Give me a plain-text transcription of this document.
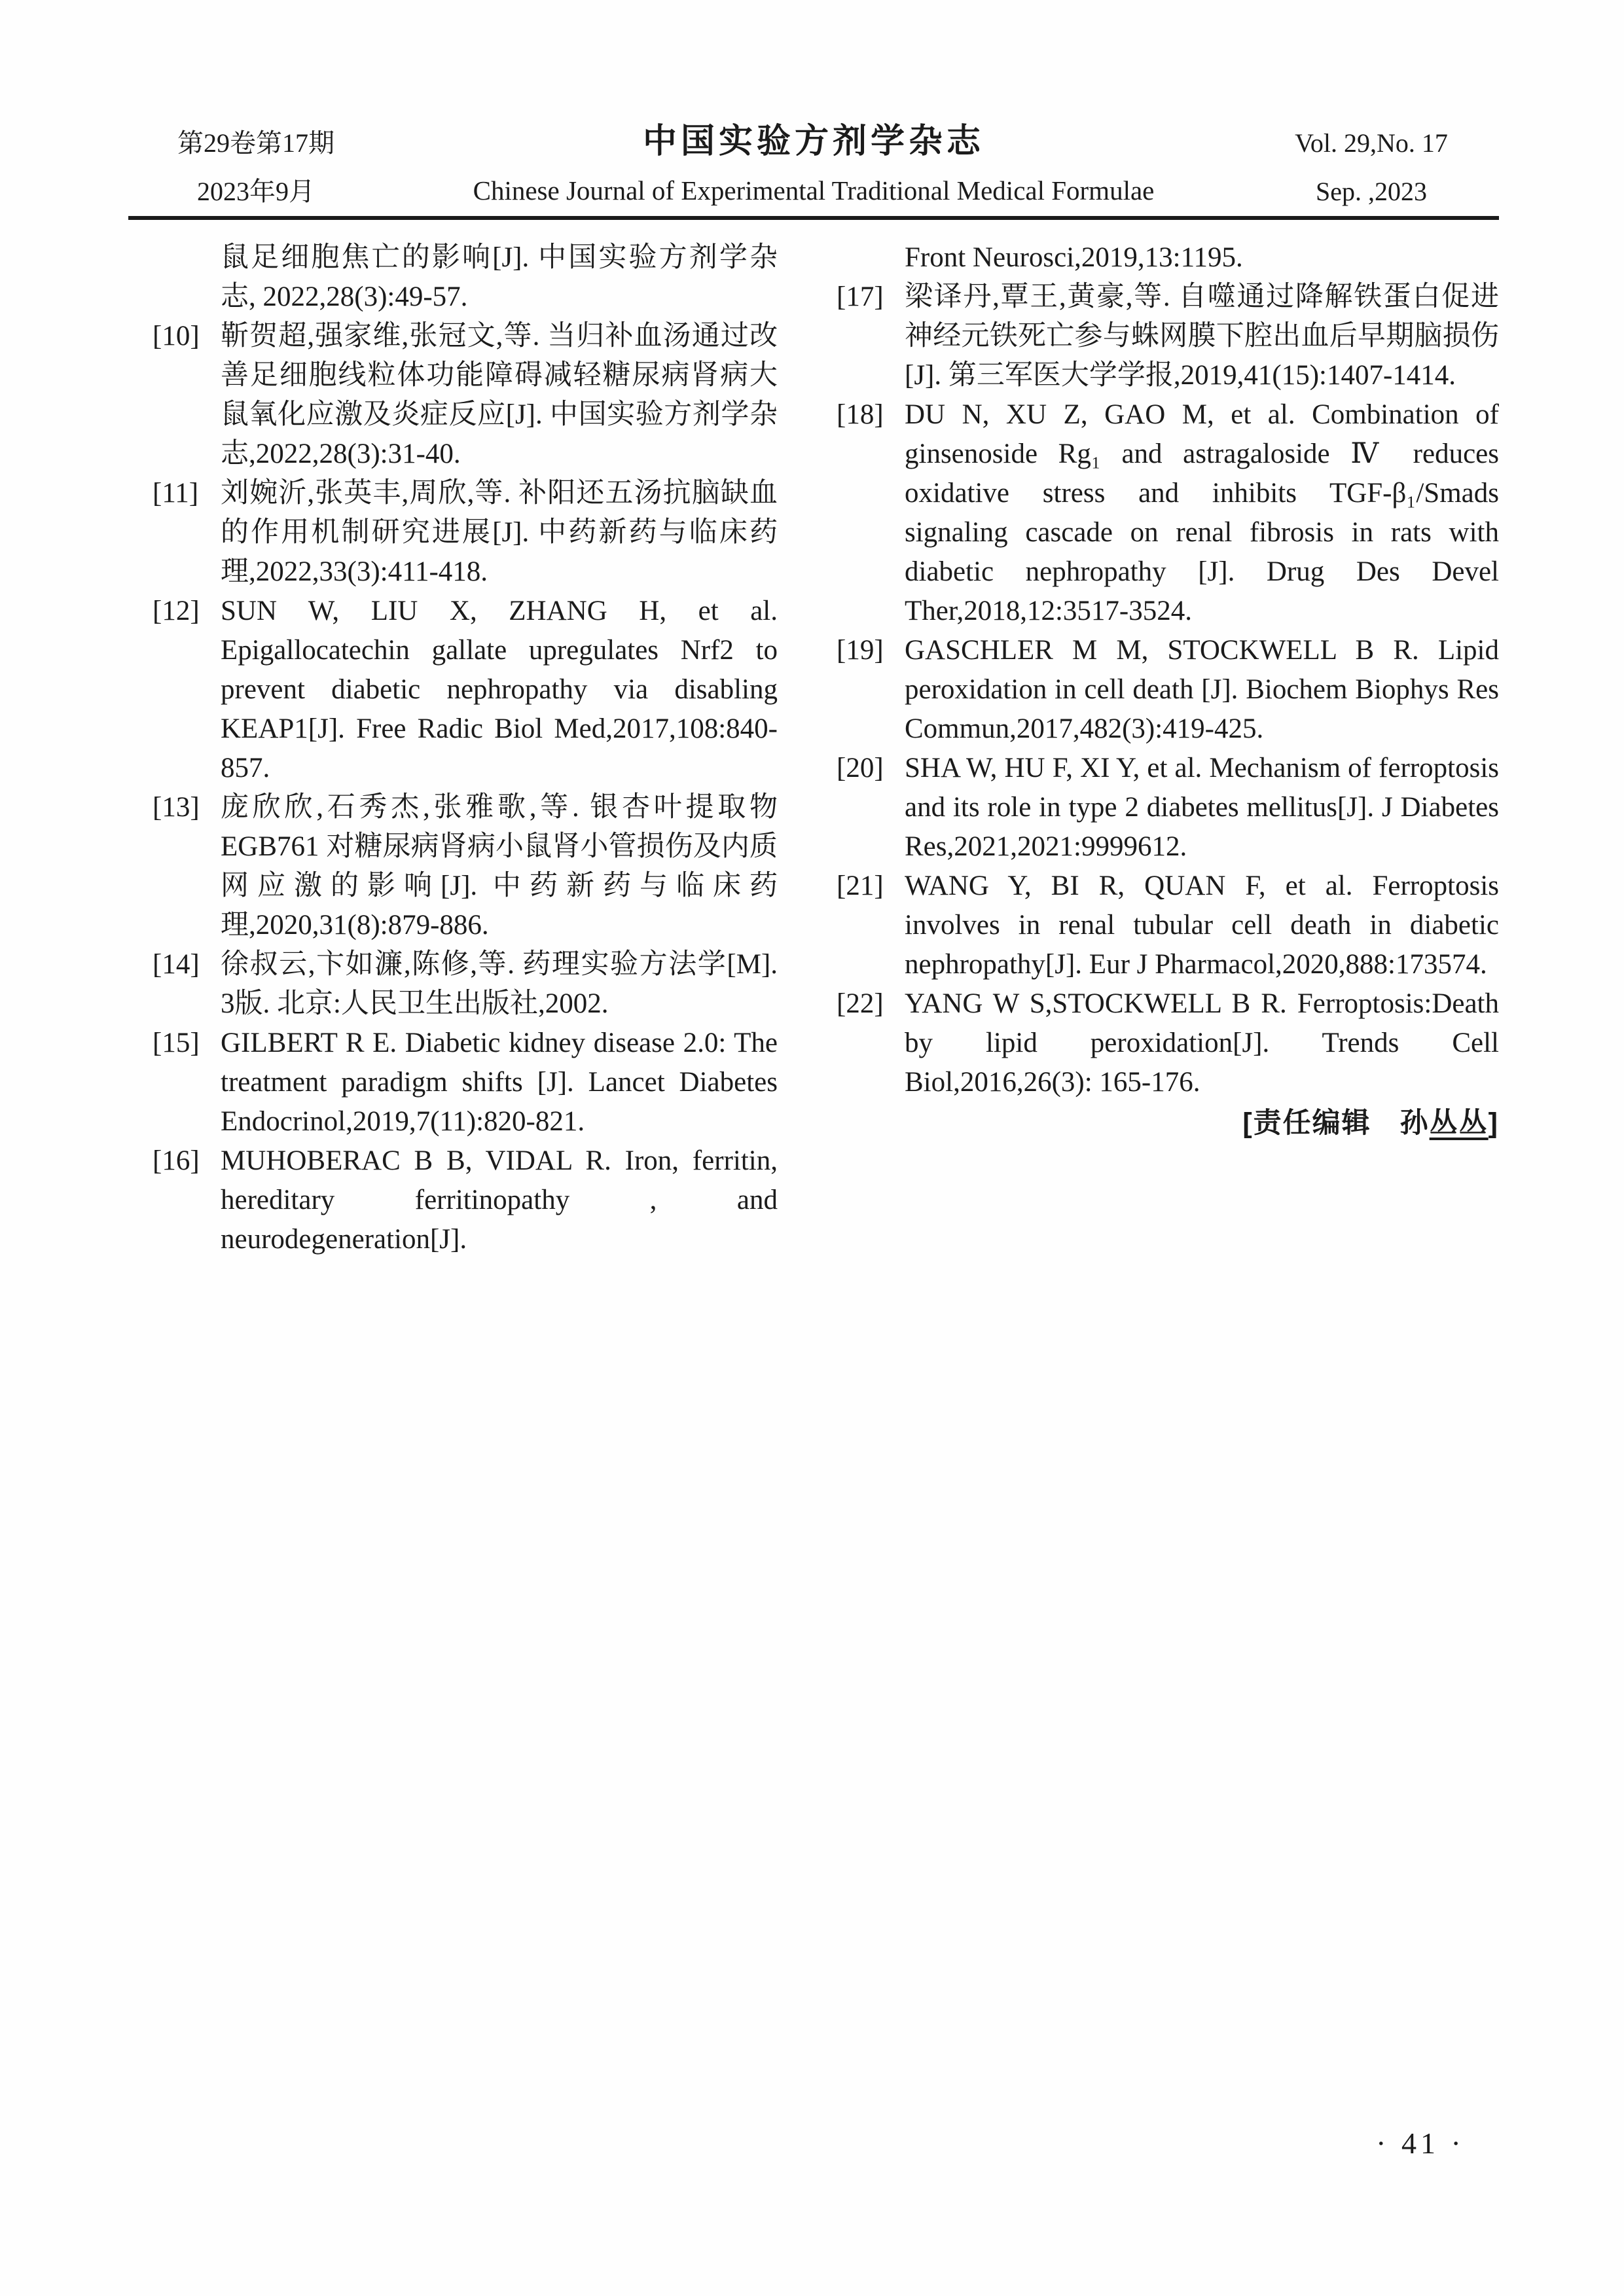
第29卷第17期
2023年9月
中国实验方剂学杂志
Chinese Journal of Experimental Traditional Medical Formulae
Vol. 29,No. 17
Sep. ,2023
鼠足细胞焦亡的影响[J]. 中国实验方剂学杂志, 2022,28(3):49-57.
[10] 靳贺超,强家维,张冠文,等. 当归补血汤通过改善足细胞线粒体功能障碍减轻糖尿病肾病大鼠氧化应激及炎症反应[J]. 中国实验方剂学杂志,2022,28(3):31-40.
[11] 刘婉沂,张英丰,周欣,等. 补阳还五汤抗脑缺血的作用机制研究进展[J]. 中药新药与临床药理,2022,33(3):411-418.
[12] SUN W, LIU X, ZHANG H, et al. Epigallocatechin gallate upregulates Nrf2 to prevent diabetic nephropathy via disabling KEAP1[J]. Free Radic Biol Med,2017,108:840-857.
[13] 庞欣欣,石秀杰,张雅歌,等. 银杏叶提取物EGB761 对糖尿病肾病小鼠肾小管损伤及内质网应激的影响[J]. 中药新药与临床药理,2020,31(8):879-886.
[14] 徐叔云,卞如濂,陈修,等. 药理实验方法学[M]. 3版. 北京:人民卫生出版社,2002.
[15] GILBERT R E. Diabetic kidney disease 2.0: The treatment paradigm shifts [J]. Lancet Diabetes Endocrinol,2019,7(11):820-821.
[16] MUHOBERAC B B, VIDAL R. Iron, ferritin, hereditary ferritinopathy , and neurodegeneration[J].
Front Neurosci,2019,13:1195.
[17] 梁译丹,覃王,黄豪,等. 自噬通过降解铁蛋白促进神经元铁死亡参与蛛网膜下腔出血后早期脑损伤[J]. 第三军医大学学报,2019,41(15):1407-1414.
[18] DU N, XU Z, GAO M, et al. Combination of ginsenoside Rg₁ and astragaloside Ⅳ reduces oxidative stress and inhibits TGF-β₁/Smads signaling cascade on renal fibrosis in rats with diabetic nephropathy [J]. Drug Des Devel Ther,2018,12:3517-3524.
[19] GASCHLER M M, STOCKWELL B R. Lipid peroxidation in cell death [J]. Biochem Biophys Res Commun,2017,482(3):419-425.
[20] SHA W, HU F, XI Y, et al. Mechanism of ferroptosis and its role in type 2 diabetes mellitus[J]. J Diabetes Res,2021,2021:9999612.
[21] WANG Y, BI R, QUAN F, et al. Ferroptosis involves in renal tubular cell death in diabetic nephropathy[J]. Eur J Pharmacol,2020,888:173574.
[22] YANG W S,STOCKWELL B R. Ferroptosis:Death by lipid peroxidation[J]. Trends Cell Biol,2016,26(3): 165-176.
[责任编辑 孙丛丛]
· 41 ·
